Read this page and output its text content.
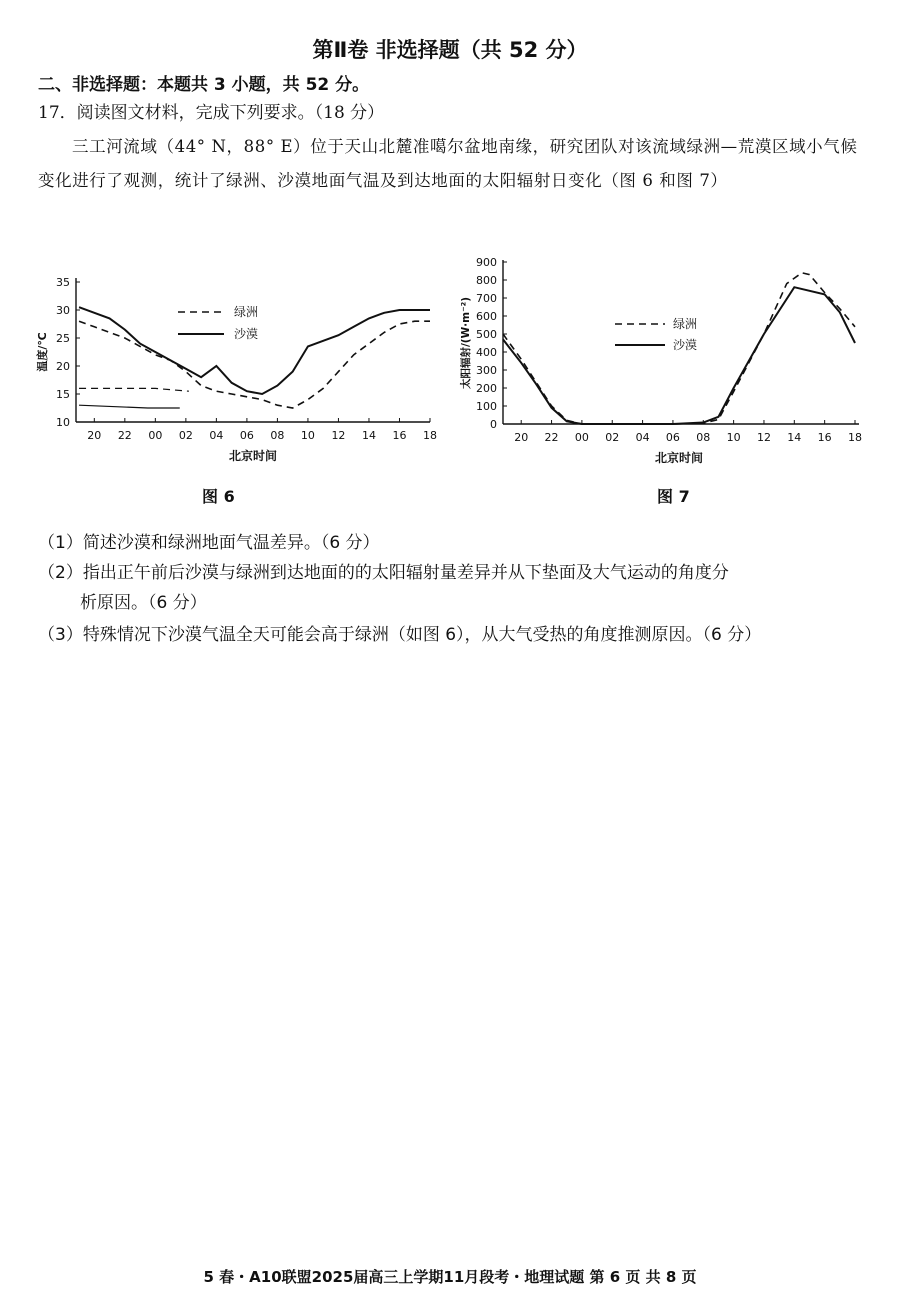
第Ⅱ卷 非选择题（共 52 分）
二、非选择题：本题共 3 小题，共 52 分。
17．阅读图文材料，完成下列要求。（18 分）
三工河流域（44° N，88° E）位于天山北麓准噶尔盆地南缘，研究团队对该流域绿洲—荒漠区域小气候变化进行了观测，统计了绿洲、沙漠地面气温及到达地面的太阳辐射日变化（图 6 和图 7）
10
15
20
25
30
35
20 22 00 02 04 06 08 10 12 14 16 18
北京时间
温度/℃
绿洲
沙漠
图 6
0
100
200
300
400
500
600
700
800
900
20 22 00 02 04 06 08 10 12 14 16 18
北京时间
太阳辐射/(W·m⁻²)	绿洲
沙漠
图 7
（1）简述沙漠和绿洲地面气温差异。（6 分）
（2）指出正午前后沙漠与绿洲到达地面的的太阳辐射量差异并从下垫面及大气运动的角度分
析原因。（6 分）
（3）特殊情况下沙漠气温全天可能会高于绿洲（如图 6），从大气受热的角度推测原因。（6 分）
5 春・A10联盟2025届高三上学期11月段考・地理试题 第 6 页 共 8 页
